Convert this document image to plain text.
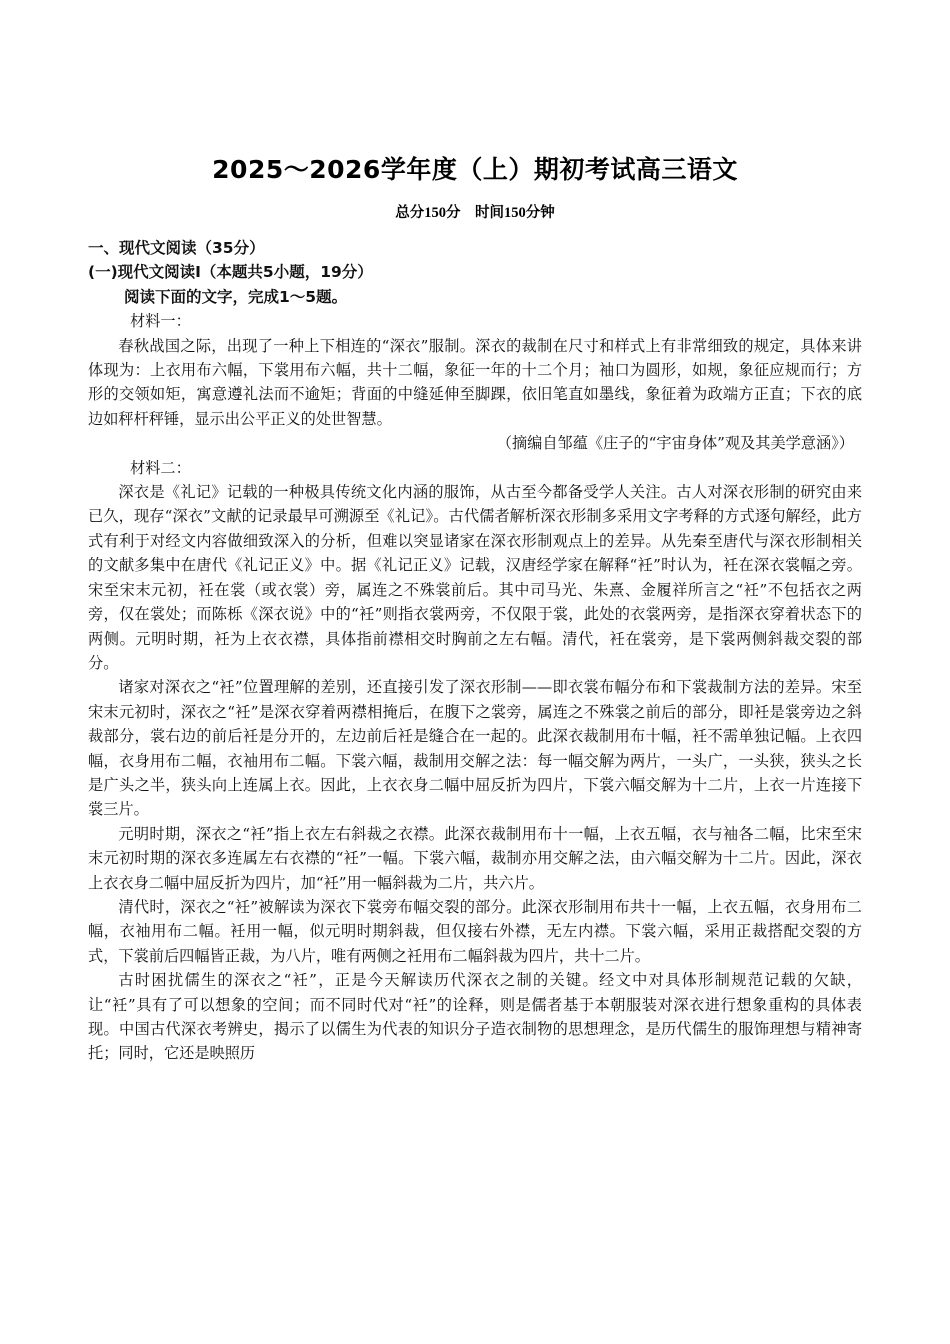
2025～2026学年度（上）期初考试高三语文
总分150分　时间150分钟

一、现代文阅读（35分）

(一)现代文阅读Ⅰ（本题共5小题，19分）

阅读下面的文字，完成1～5题。

材料一：

春秋战国之际，出现了一种上下相连的“深衣”服制。深衣的裁制在尺寸和样式上有非常细致的规定，具体来讲体现为：上衣用布六幅，下裳用布六幅，共十二幅，象征一年的十二个月；袖口为圆形，如规，象征应规而行；方形的交领如矩，寓意遵礼法而不逾矩；背面的中缝延伸至脚踝，依旧笔直如墨线，象征着为政端方正直；下衣的底边如秤杆秤锤，显示出公平正义的处世智慧。

（摘编自邹蕴《庄子的“宇宙身体”观及其美学意涵》）

材料二：

深衣是《礼记》记载的一种极具传统文化内涵的服饰，从古至今都备受学人关注。古人对深衣形制的研究由来已久，现存“深衣”文献的记录最早可溯源至《礼记》。古代儒者解析深衣形制多采用文字考释的方式逐句解经，此方式有利于对经文内容做细致深入的分析，但难以突显诸家在深衣形制观点上的差异。从先秦至唐代与深衣形制相关的文献多集中在唐代《礼记正义》中。据《礼记正义》记载，汉唐经学家在解释“衽”时认为，衽在深衣裳幅之旁。宋至宋末元初，衽在裳（或衣裳）旁，属连之不殊裳前后。其中司马光、朱熹、金履祥所言之“衽”不包括衣之两旁，仅在裳处；而陈栎《深衣说》中的“衽”则指衣裳两旁，不仅限于裳，此处的衣裳两旁，是指深衣穿着状态下的两侧。元明时期，衽为上衣衣襟，具体指前襟相交时胸前之左右幅。清代，衽在裳旁，是下裳两侧斜裁交裂的部分。

诸家对深衣之“衽”位置理解的差别，还直接引发了深衣形制——即衣裳布幅分布和下裳裁制方法的差异。宋至宋末元初时，深衣之“衽”是深衣穿着两襟相掩后，在腹下之裳旁，属连之不殊裳之前后的部分，即衽是裳旁边之斜裁部分，裳右边的前后衽是分开的，左边前后衽是缝合在一起的。此深衣裁制用布十幅，衽不需单独记幅。上衣四幅，衣身用布二幅，衣袖用布二幅。下裳六幅，裁制用交解之法：每一幅交解为两片，一头广，一头狭，狭头之长是广头之半，狭头向上连属上衣。因此，上衣衣身二幅中屈反折为四片，下裳六幅交解为十二片，上衣一片连接下裳三片。

元明时期，深衣之“衽”指上衣左右斜裁之衣襟。此深衣裁制用布十一幅，上衣五幅，衣与袖各二幅，比宋至宋末元初时期的深衣多连属左右衣襟的“衽”一幅。下裳六幅，裁制亦用交解之法，由六幅交解为十二片。因此，深衣上衣衣身二幅中屈反折为四片，加“衽”用一幅斜裁为二片，共六片。

清代时，深衣之“衽”被解读为深衣下裳旁布幅交裂的部分。此深衣形制用布共十一幅，上衣五幅，衣身用布二幅，衣袖用布二幅。衽用一幅，似元明时期斜裁，但仅接右外襟，无左内襟。下裳六幅，采用正裁搭配交裂的方式，下裳前后四幅皆正裁，为八片，唯有两侧之衽用布二幅斜裁为四片，共十二片。

古时困扰儒生的深衣之“衽”，正是今天解读历代深衣之制的关键。经文中对具体形制规范记载的欠缺，让“衽”具有了可以想象的空间；而不同时代对“衽”的诠释，则是儒者基于本朝服装对深衣进行想象重构的具体表现。中国古代深衣考辨史，揭示了以儒生为代表的知识分子造衣制物的思想理念，是历代儒生的服饰理想与精神寄托；同时，它还是映照历
